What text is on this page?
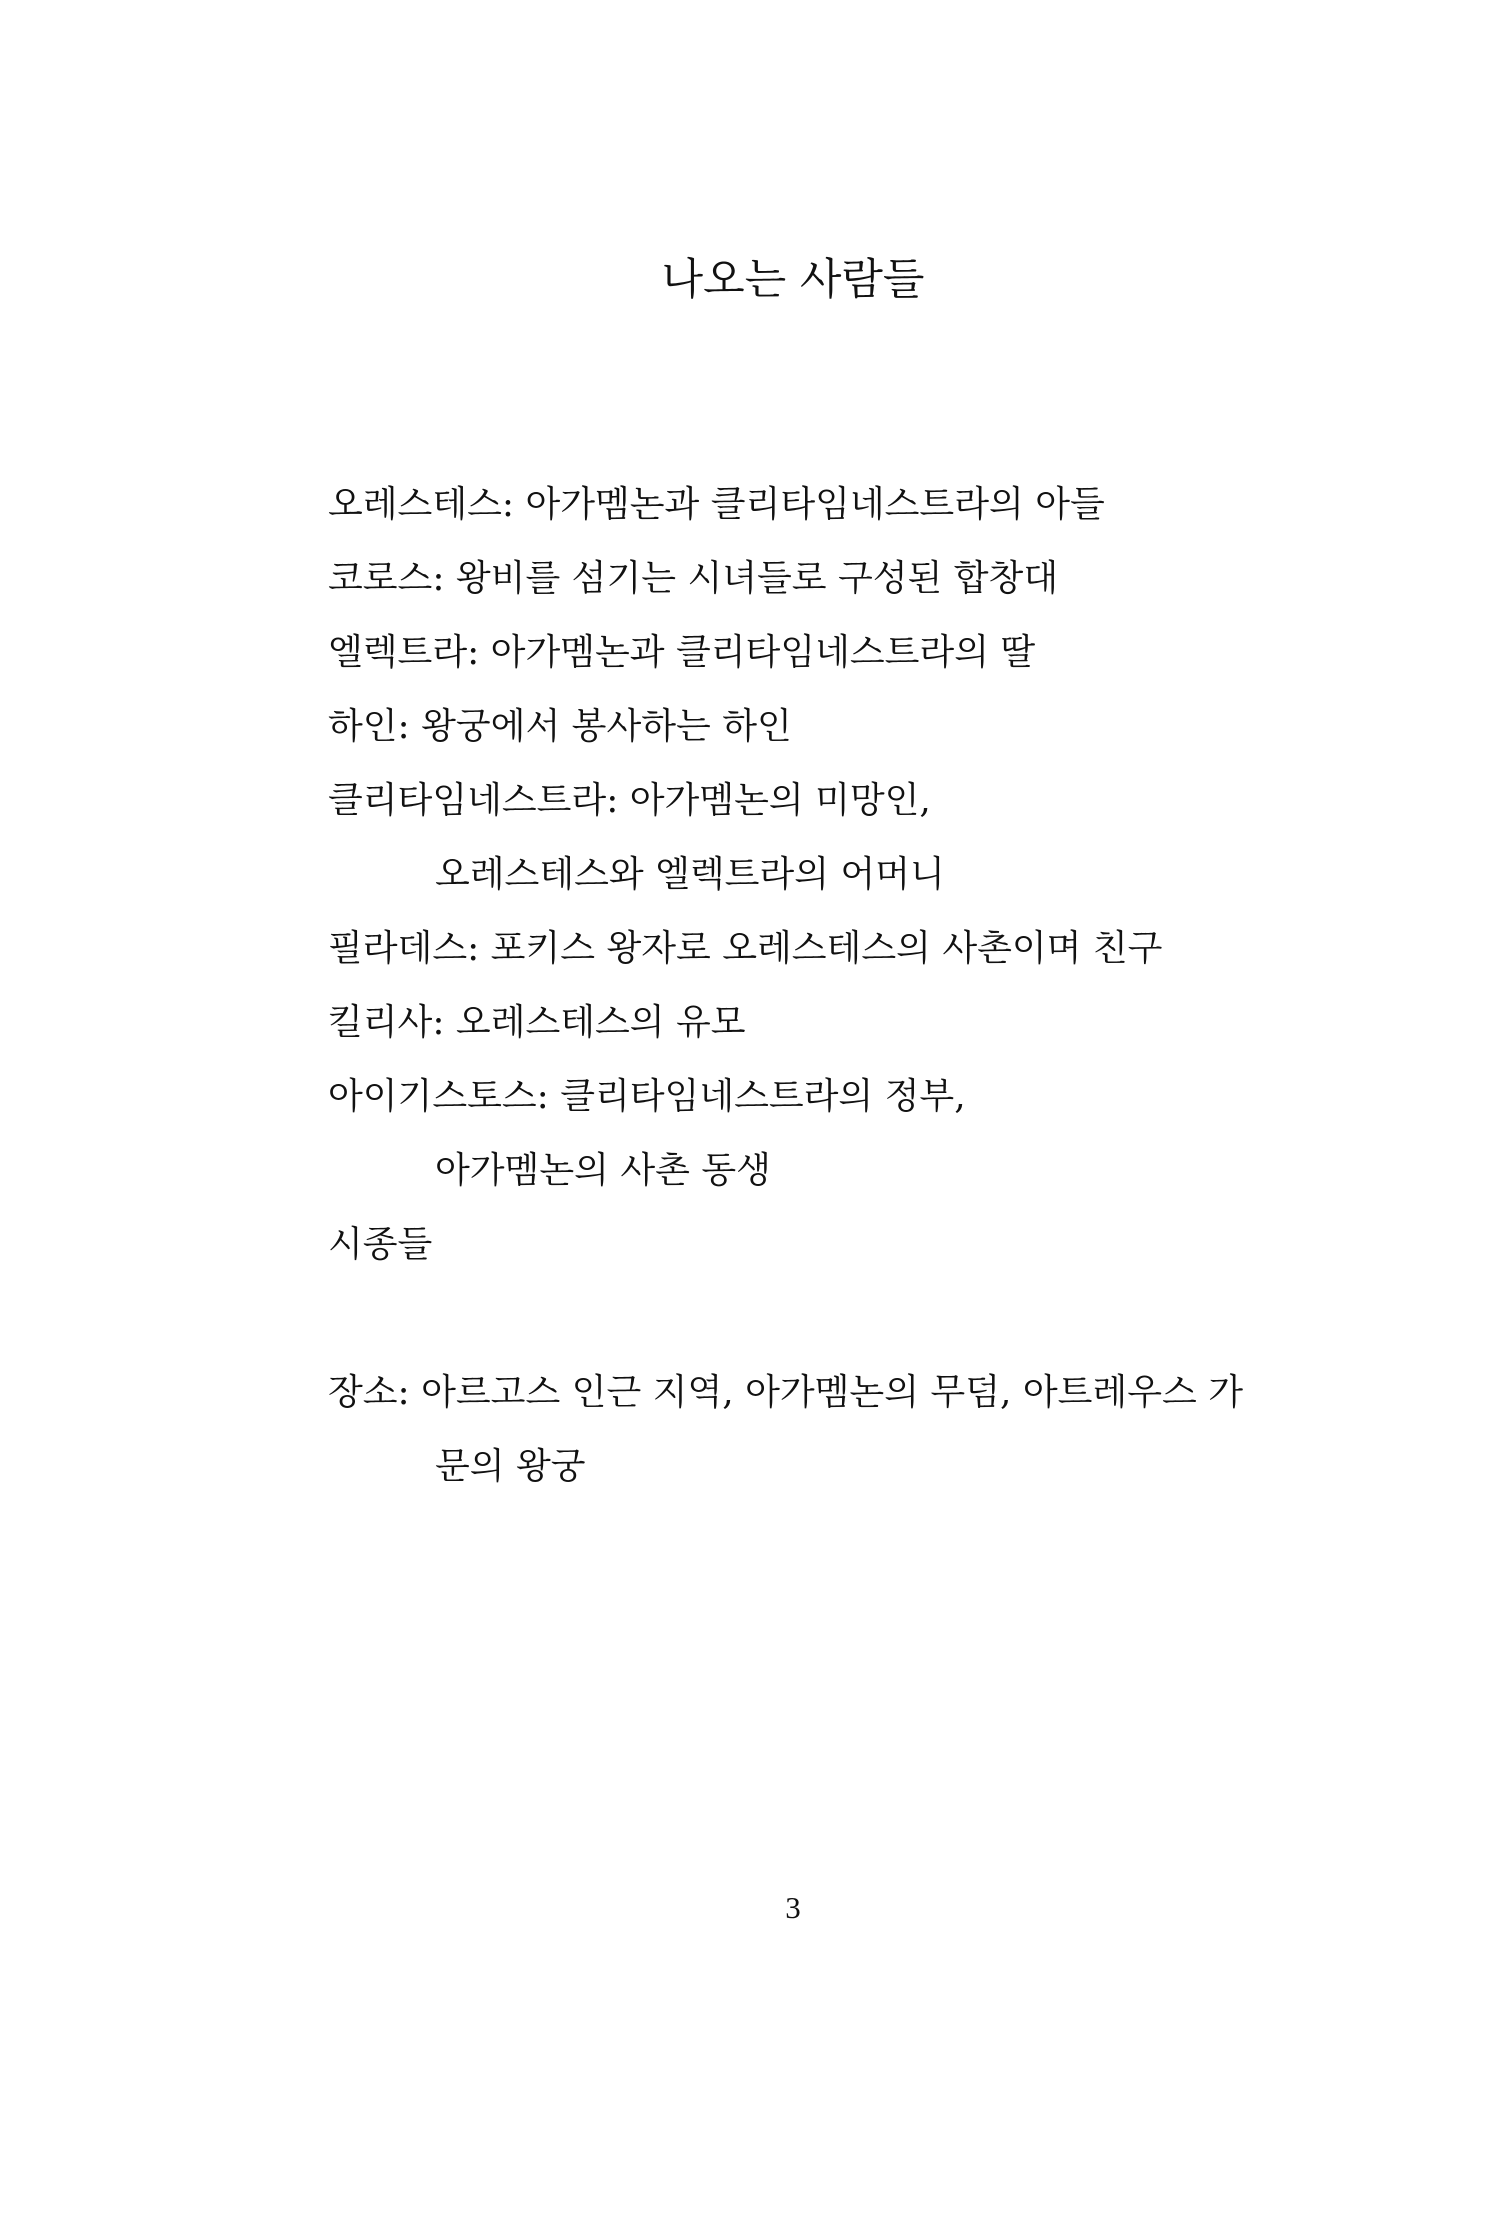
나오는 사람들
오레스테스: 아가멤논과 클리타임네스트라의 아들
코로스: 왕비를 섬기는 시녀들로 구성된 합창대
엘렉트라: 아가멤논과 클리타임네스트라의 딸
하인: 왕궁에서 봉사하는 하인
클리타임네스트라: 아가멤논의 미망인,
오레스테스와 엘렉트라의 어머니
필라데스: 포키스 왕자로 오레스테스의 사촌이며 친구
킬리사: 오레스테스의 유모
아이기스토스: 클리타임네스트라의 정부,
아가멤논의 사촌 동생
시종들
장소: 아르고스 인근 지역, 아가멤논의 무덤, 아트레우스 가
문의 왕궁
3
